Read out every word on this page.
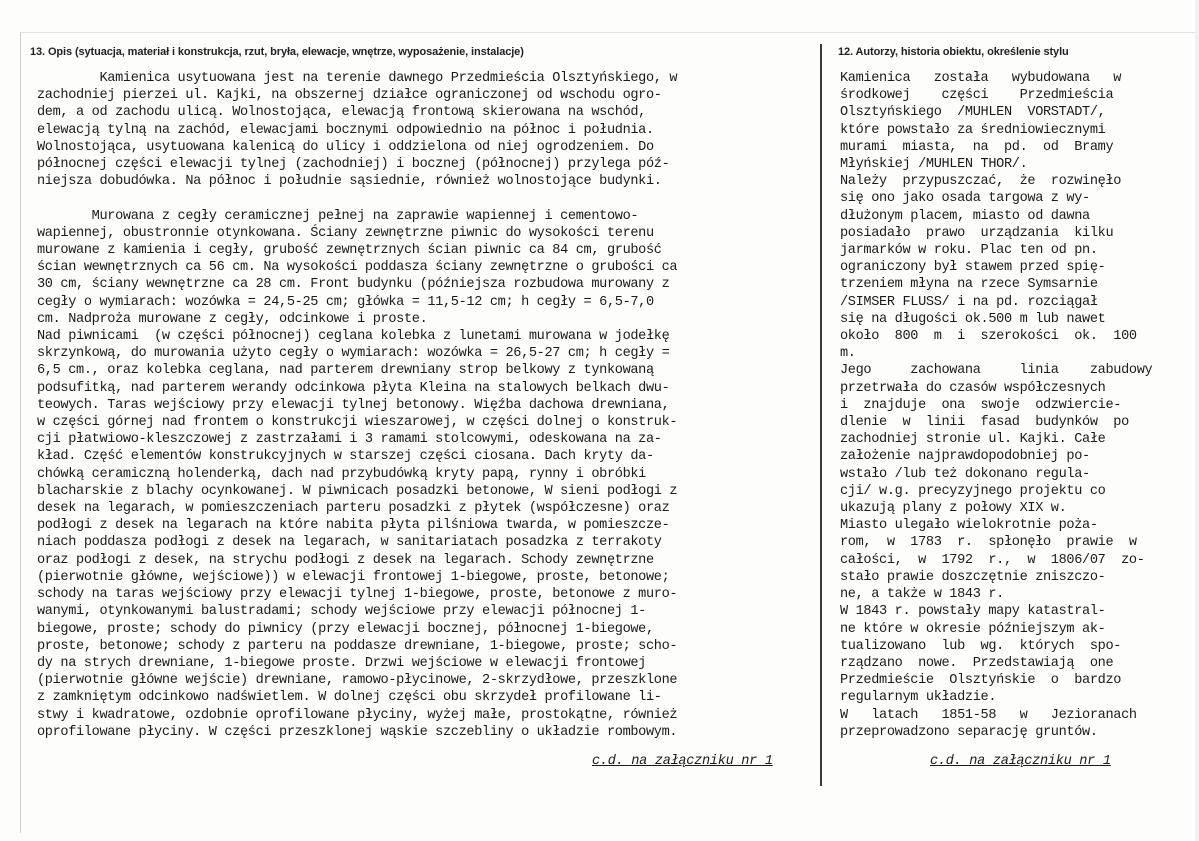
13. Opis (sytuacja, materiał i konstrukcja, rzut, bryła, elewacje, wnętrze, wyposażenie, instalacje)	12. Autorzy, historia obiektu, określenie stylu
Kamienica usytuowana jest na terenie dawnego Przedmieścia Olsztyńskiego, w
zachodniej pierzei ul. Kajki, na obszernej działce ograniczonej od wschodu ogro-
dem, a od zachodu ulicą. Wolnostojąca, elewacją frontową skierowana na wschód,
elewacją tylną na zachód, elewacjami bocznymi odpowiednio na północ i południa.
Wolnostojąca, usytuowana kalenicą do ulicy i oddzielona od niej ogrodzeniem. Do
północnej części elewacji tylnej (zachodniej) i bocznej (północnej) przylega póź-
niejsza dobudówka. Na północ i południe sąsiednie, również wolnostojące budynki.

Murowana z cegły ceramicznej pełnej na zaprawie wapiennej i cementowo-
wapiennej, obustronnie otynkowana. Ściany zewnętrzne piwnic do wysokości terenu
murowane z kamienia i cegły, grubość zewnętrznych ścian piwnic ca 84 cm, grubość
ścian wewnętrznych ca 56 cm. Na wysokości poddasza ściany zewnętrzne o grubości ca
30 cm, ściany wewnętrzne ca 28 cm. Front budynku (późniejsza rozbudowa murowany z
cegły o wymiarach: wozówka = 24,5-25 cm; główka = 11,5-12 cm; h cegły = 6,5-7,0
cm. Nadproża murowane z cegły, odcinkowe i proste.
Nad piwnicami  (w części północnej) ceglana kolebka z lunetami murowana w jodełkę
skrzynkową, do murowania użyto cegły o wymiarach: wozówka = 26,5-27 cm; h cegły =
6,5 cm., oraz kolebka ceglana, nad parterem drewniany strop belkowy z tynkowaną
podsufitką, nad parterem werandy odcinkowa płyta Kleina na stalowych belkach dwu-
teowych. Taras wejściowy przy elewacji tylnej betonowy. Więźba dachowa drewniana,
w części górnej nad frontem o konstrukcji wieszarowej, w części dolnej o konstruk-
cji płatwiowo-kleszczowej z zastrzałami i 3 ramami stolcowymi, odeskowana na za-
kład. Część elementów konstrukcyjnych w starszej części ciosana. Dach kryty da-
chówką ceramiczną holenderką, dach nad przybudówką kryty papą, rynny i obróbki
blacharskie z blachy ocynkowanej. W piwnicach posadzki betonowe, W sieni podłogi z
desek na legarach, w pomieszczeniach parteru posadzki z płytek (współczesne) oraz
podłogi z desek na legarach na które nabita płyta pilśniowa twarda, w pomieszcze-
niach poddasza podłogi z desek na legarach, w sanitariatach posadzka z terrakoty
oraz podłogi z desek, na strychu podłogi z desek na legarach. Schody zewnętrzne
(pierwotnie główne, wejściowe)) w elewacji frontowej 1-biegowe, proste, betonowe;
schody na taras wejściowy przy elewacji tylnej 1-biegowe, proste, betonowe z muro-
wanymi, otynkowanymi balustradami; schody wejściowe przy elewacji północnej 1-
biegowe, proste; schody do piwnicy (przy elewacji bocznej, północnej 1-biegowe,
proste, betonowe; schody z parteru na poddasze drewniane, 1-biegowe, proste; scho-
dy na strych drewniane, 1-biegowe proste. Drzwi wejściowe w elewacji frontowej
(pierwotnie główne wejście) drewniane, ramowo-płycinowe, 2-skrzydłowe, przeszklone
z zamkniętym odcinkowo nadświetlem. W dolnej części obu skrzydeł profilowane li-
stwy i kwadratowe, ozdobnie oprofilowane płyciny, wyżej małe, prostokątne, również
oprofilowane płyciny. W części przeszklonej wąskie szczebliny o układzie rombowym.
Kamienica   została   wybudowana   w
środkowej    części    Przedmieścia
Olsztyńskiego  /MUHLEN  VORSTADT/,
które powstało za średniowiecznymi
murami  miasta,  na  pd.  od  Bramy
Młyńskiej /MUHLEN THOR/.
Należy  przypuszczać,  że  rozwinęło
się ono jako osada targowa z wy-
dłużonym placem, miasto od dawna
posiadało  prawo  urządzania  kilku
jarmarków w roku. Plac ten od pn.
ograniczony był stawem przed spię-
trzeniem młyna na rzece Symsarnie
/SIMSER FLUSS/ i na pd. rozciągał
się na długości ok.500 m lub nawet
około  800  m  i  szerokości  ok.  100
m.
Jego     zachowana     linia    zabudowy
przetrwała do czasów współczesnych
i  znajduje  ona  swoje  odzwiercie-
dlenie  w  linii  fasad  budynków  po
zachodniej stronie ul. Kajki. Całe
założenie najprawdopodobniej po-
wstało /lub też dokonano regula-
cji/ w.g. precyzyjnego projektu co
ukazują plany z połowy XIX w.
Miasto ulegało wielokrotnie poża-
rom,  w  1783  r.  spłonęło  prawie  w
całości,  w  1792  r.,  w  1806/07  zo-
stało prawie doszczętnie zniszczo-
ne, a także w 1843 r.
W 1843 r. powstały mapy katastral-
ne które w okresie późniejszym ak-
tualizowano  lub  wg.  których  spo-
rządzano  nowe.  Przedstawiają  one
Przedmieście  Olsztyńskie  o  bardzo
regularnym układzie.
W   latach   1851-58   w   Jezioranach
przeprowadzono separację gruntów.
c.d. na załączniku nr 1	c.d. na załączniku nr 1
